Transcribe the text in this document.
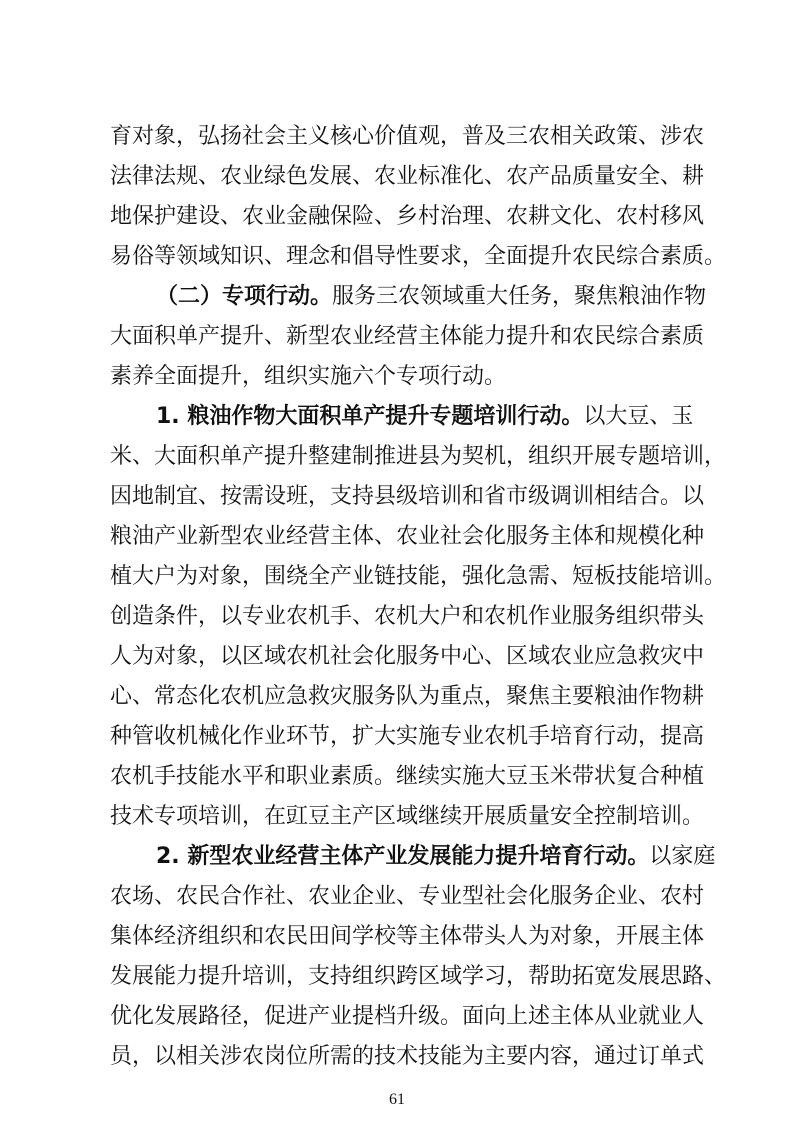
育对象，弘扬社会主义核心价值观，普及三农相关政策、涉农
法律法规、农业绿色发展、农业标准化、农产品质量安全、耕
地保护建设、农业金融保险、乡村治理、农耕文化、农村移风
易俗等领域知识、理念和倡导性要求，全面提升农民综合素质。
（二）专项行动。服务三农领域重大任务，聚焦粮油作物
大面积单产提升、新型农业经营主体能力提升和农民综合素质
素养全面提升，组织实施六个专项行动。
1. 粮油作物大面积单产提升专题培训行动。以大豆、玉
米、大面积单产提升整建制推进县为契机，组织开展专题培训，
因地制宜、按需设班，支持县级培训和省市级调训相结合。以
粮油产业新型农业经营主体、农业社会化服务主体和规模化种
植大户为对象，围绕全产业链技能，强化急需、短板技能培训。
创造条件，以专业农机手、农机大户和农机作业服务组织带头
人为对象，以区域农机社会化服务中心、区域农业应急救灾中
心、常态化农机应急救灾服务队为重点，聚焦主要粮油作物耕
种管收机械化作业环节，扩大实施专业农机手培育行动，提高
农机手技能水平和职业素质。继续实施大豆玉米带状复合种植
技术专项培训，在豇豆主产区域继续开展质量安全控制培训。
2. 新型农业经营主体产业发展能力提升培育行动。以家庭
农场、农民合作社、农业企业、专业型社会化服务企业、农村
集体经济组织和农民田间学校等主体带头人为对象，开展主体
发展能力提升培训，支持组织跨区域学习，帮助拓宽发展思路、
优化发展路径，促进产业提档升级。面向上述主体从业就业人
员，以相关涉农岗位所需的技术技能为主要内容，通过订单式
61
